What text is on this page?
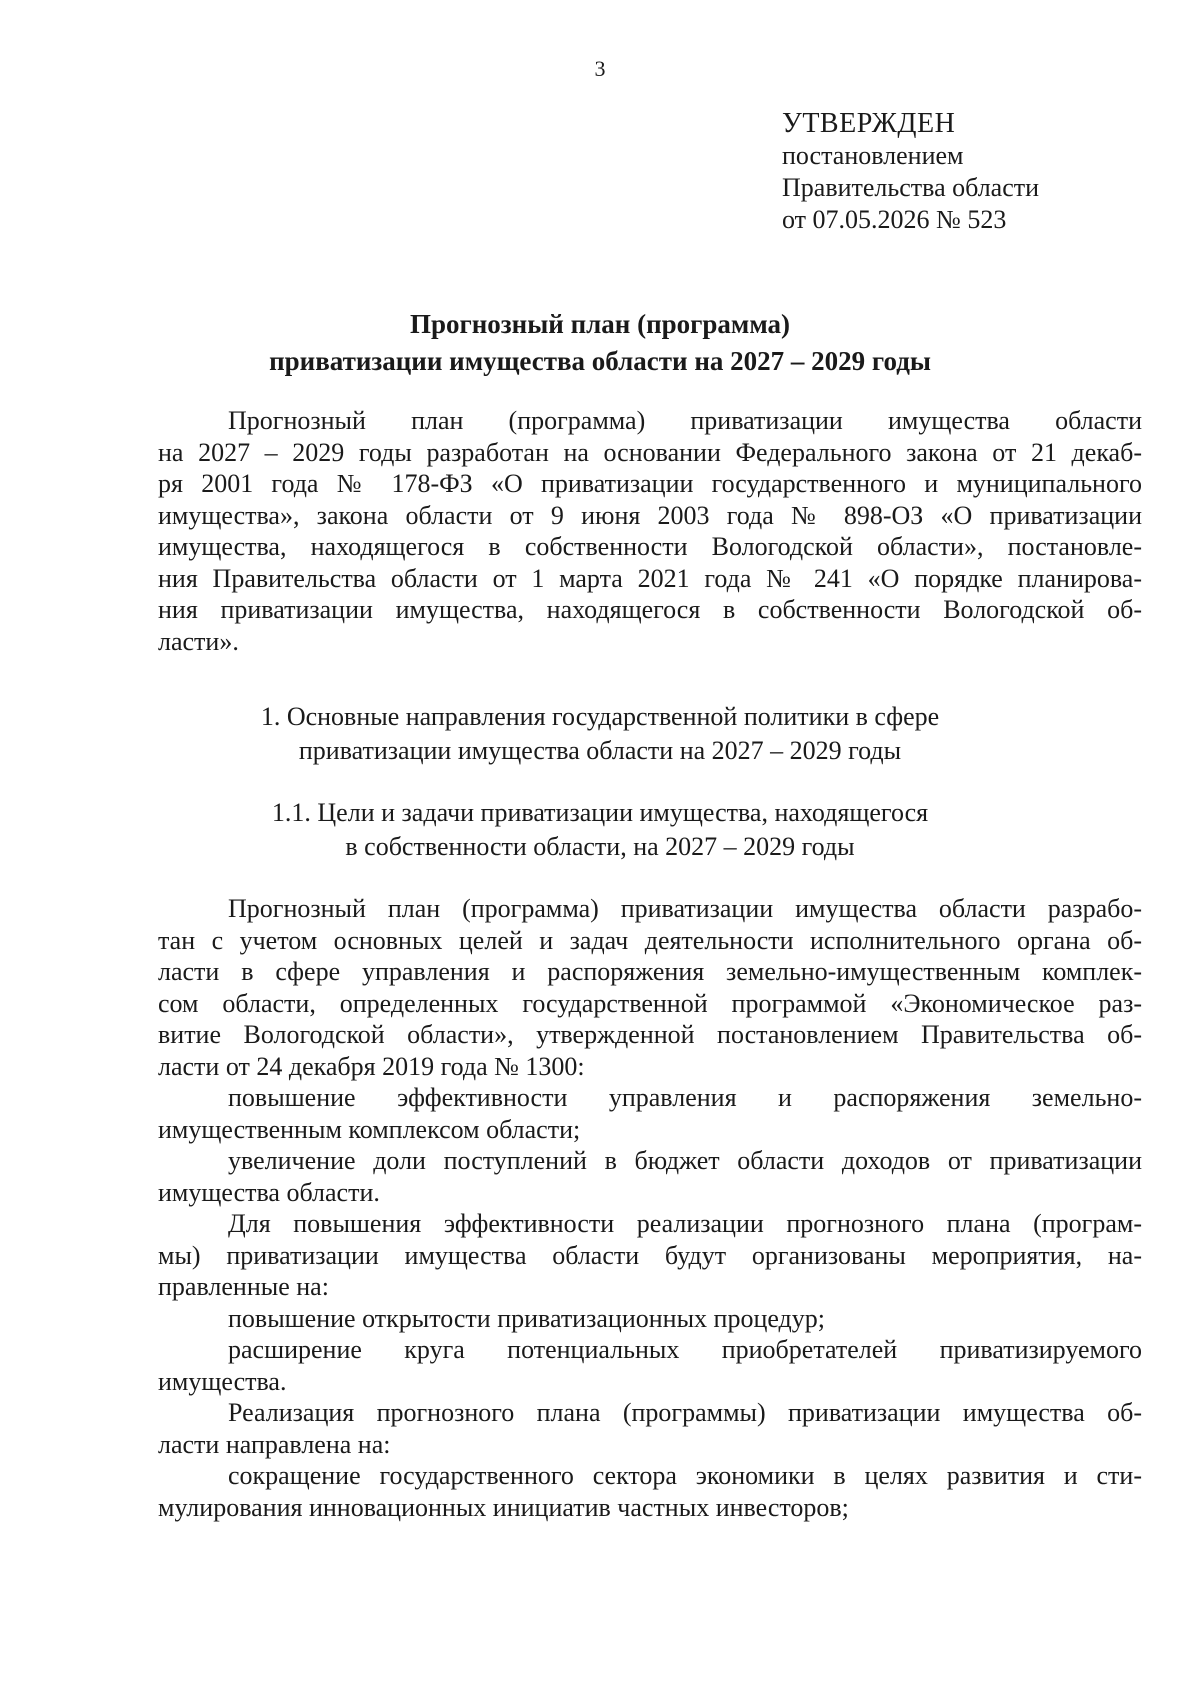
3
УТВЕРЖДЕН
постановлением
Правительства области
от 07.05.2026 № 523
Прогнозный план (программа)
приватизации имущества области на 2027 – 2029 годы
Прогнозный план (программа) приватизации имущества области
на 2027 – 2029 годы разработан на основании Федерального закона от 21 декаб-
ря 2001 года № 178-ФЗ «О приватизации государственного и муниципального
имущества», закона области от 9 июня 2003 года № 898-ОЗ «О приватизации
имущества, находящегося в собственности Вологодской области», постановле-
ния Правительства области от 1 марта 2021 года № 241 «О порядке планирова-
ния приватизации имущества, находящегося в собственности Вологодской об-
ласти».
1. Основные направления государственной политики в сфере
приватизации имущества области на 2027 – 2029 годы
1.1. Цели и задачи приватизации имущества, находящегося
в собственности области, на 2027 – 2029 годы
Прогнозный план (программа) приватизации имущества области разрабо-
тан с учетом основных целей и задач деятельности исполнительного органа об-
ласти в сфере управления и распоряжения земельно-имущественным комплек-
сом области, определенных государственной программой «Экономическое раз-
витие Вологодской области», утвержденной постановлением Правительства об-
ласти от 24 декабря 2019 года № 1300:
повышение эффективности управления и распоряжения земельно-
имущественным комплексом области;
увеличение доли поступлений в бюджет области доходов от приватизации
имущества области.
Для повышения эффективности реализации прогнозного плана (програм-
мы) приватизации имущества области будут организованы мероприятия, на-
правленные на:
повышение открытости приватизационных процедур;
расширение круга потенциальных приобретателей приватизируемого
имущества.
Реализация прогнозного плана (программы) приватизации имущества об-
ласти направлена на:
сокращение государственного сектора экономики в целях развития и сти-
мулирования инновационных инициатив частных инвесторов;
